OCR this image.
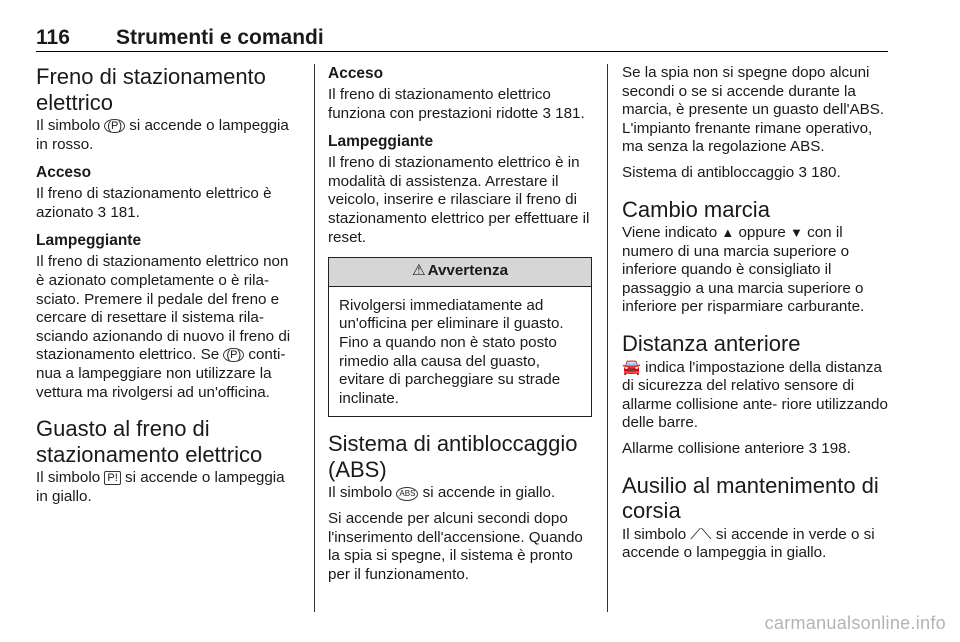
116 Strumenti e comandi
Freno di stazionamento elettrico

Il simbolo (P) si accende o lampeggia in rosso.

Acceso

Il freno di stazionamento elettrico è azionato 3 181.

Lampeggiante

Il freno di stazionamento elettrico non è azionato completamente o è rila- sciato. Premere il pedale del freno e cercare di resettare il sistema rila- sciando azionando di nuovo il freno di stazionamento elettrico. Se (P) conti- nua a lampeggiare non utilizzare la vettura ma rivolgersi ad un'officina.

Guasto al freno di stazionamento elettrico

Il simbolo P! si accende o lampeggia in giallo.

Acceso

Il freno di stazionamento elettrico funziona con prestazioni ridotte 3 181.

Lampeggiante

Il freno di stazionamento elettrico è in modalità di assistenza. Arrestare il veicolo, inserire e rilasciare il freno di stazionamento elettrico per effettuare il reset.

⚠ Avvertenza
Rivolgersi immediatamente ad un'officina per eliminare il guasto. Fino a quando non è stato posto rimedio alla causa del guasto, evitare di parcheggiare su strade inclinate.
Sistema di antibloccaggio (ABS)

Il simbolo ABS si accende in giallo.

Si accende per alcuni secondi dopo l'inserimento dell'accensione. Quando la spia si spegne, il sistema è pronto per il funzionamento.

Se la spia non si spegne dopo alcuni secondi o se si accende durante la marcia, è presente un guasto dell'ABS. L'impianto frenante rimane operativo, ma senza la regolazione ABS.

Sistema di antibloccaggio 3 180.

Cambio marcia

Viene indicato ▲ oppure ▼ con il numero di una marcia superiore o inferiore quando è consigliato il passaggio a una marcia superiore o inferiore per risparmiare carburante.

Distanza anteriore

🚘 indica l'impostazione della distanza di sicurezza del relativo sensore di allarme collisione ante- riore utilizzando delle barre.

Allarme collisione anteriore 3 198.

Ausilio al mantenimento di corsia

Il simbolo ⟋⟍ si accende in verde o si accende o lampeggia in giallo.

carmanualsonline.info
